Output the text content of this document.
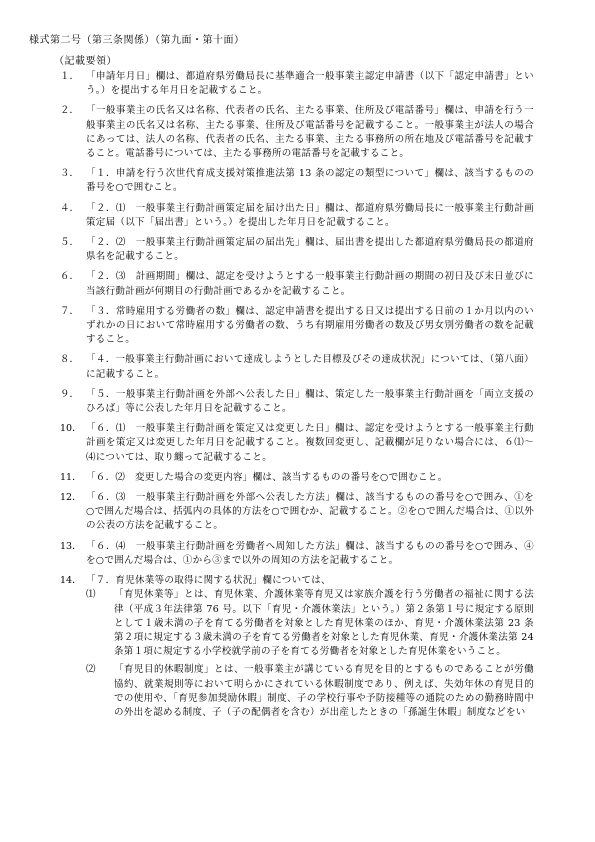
様式第二号（第三条関係）（第九面・第十面）
（記載要領）
１． 「申請年月日」欄は、都道府県労働局長に基準適合一般事業主認定申請書（以下「認定申請書」という。）を提出する年月日を記載すること。
２． 「一般事業主の氏名又は名称、代表者の氏名、主たる事業、住所及び電話番号」欄は、申請を行う一般事業主の氏名又は名称、主たる事業、住所及び電話番号を記載すること。一般事業主が法人の場合にあっては、法人の名称、代表者の氏名、主たる事業、主たる事務所の所在地及び電話番号を記載すること。電話番号については、主たる事務所の電話番号を記載すること。
３． 「１．申請を行う次世代育成支援対策推進法第 13 条の認定の類型について」欄は、該当するものの番号を○で囲むこと。
４． 「２．⑴　一般事業主行動計画策定届を届け出た日」欄は、都道府県労働局長に一般事業主行動計画策定届（以下「届出書」という。）を提出した年月日を記載すること。
５． 「２．⑵　一般事業主行動計画策定届の届出先」欄は、届出書を提出した都道府県労働局長の都道府県名を記載すること。
６． 「２．⑶　計画期間」欄は、認定を受けようとする一般事業主行動計画の期間の初日及び末日並びに当該行動計画が何期目の行動計画であるかを記載すること。
７． 「３．常時雇用する労働者の数」欄は、認定申請書を提出する日又は提出する日前の１か月以内のいずれかの日において常時雇用する労働者の数、うち有期雇用労働者の数及び男女別労働者の数を記載すること。
８． 「４．一般事業主行動計画において達成しようとした目標及びその達成状況」については、（第八面）に記載すること。
９． 「５．一般事業主行動計画を外部へ公表した日」欄は、策定した一般事業主行動計画を「両立支援のひろば」等に公表した年月日を記載すること。
10． 「６．⑴　一般事業主行動計画を策定又は変更した日」欄は、認定を受けようとする一般事業主行動計画を策定又は変更した年月日を記載すること。複数回変更し、記載欄が足りない場合には、６⑴～⑷については、取り纏って記載すること。
11． 「６．⑵　変更した場合の変更内容」欄は、該当するものの番号を○で囲むこと。
12． 「６．⑶　一般事業主行動計画を外部へ公表した方法」欄は、該当するものの番号を○で囲み、①を○で囲んだ場合は、括弧内の具体的方法を○で囲むか、記載すること。②を○で囲んだ場合は、①以外の公表の方法を記載すること。
13． 「６．⑷　一般事業主行動計画を労働者へ周知した方法」欄は、該当するものの番号を○で囲み、④を○で囲んだ場合は、①から③まで以外の周知の方法を記載すること。
14． 「７．育児休業等の取得に関する状況」欄については、
⑴	「育児休業等」とは、育児休業、介護休業等育児又は家族介護を行う労働者の福祉に関する法律（平成３年法律第 76 号。以下「育児・介護休業法」という。）第２条第１号に規定する原則として１歳未満の子を育てる労働者を対象とした育児休業のほか、育児・介護休業法第 23 条第２項に規定する３歳未満の子を育てる労働者を対象とした育児休業、育児・介護休業法第 24 条第１項に規定する小学校就学前の子を育てる労働者を対象とした育児休業をいうこと。
⑵	「育児目的休暇制度」とは、一般事業主が講じている育児を目的とするものであることが労働協約、就業規則等において明らかにされている休暇制度であり、例えば、失効年休の育児目的での使用や、「育児参加奨励休暇」制度、子の学校行事や予防接種等の通院のための勤務時間中の外出を認める制度、子（子の配偶者を含む）が出産したときの「孫誕生休暇」制度などをい
